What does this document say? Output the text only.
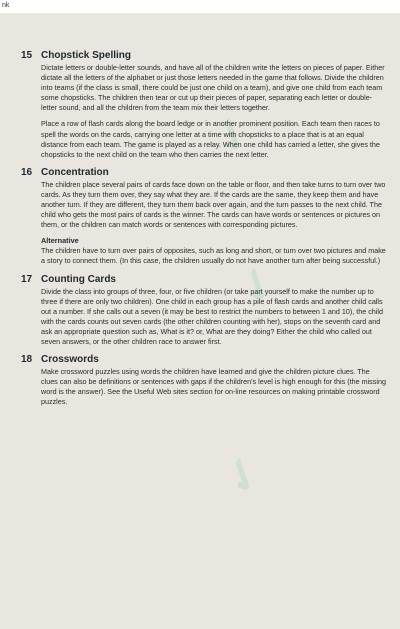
nk
✓
✓
✓
15 Chopstick Spelling

Dictate letters or double-letter sounds, and have all of the children write the letters on pieces of paper. Either dictate all the letters of the alphabet or just those letters needed in the game that follows. Divide the children into teams (if the class is small, there could be just one child on a team), and give one child from each team some chopsticks. The children then tear or cut up their pieces of paper, separating each letter or double-letter sound, and all the children from the team mix their letters together.

Place a row of flash cards along the board ledge or in another prominent position. Each team then races to spell the words on the cards, carrying one letter at a time with chopsticks to a place that is at an equal distance from each team. The game is played as a relay. When one child has carried a letter, she gives the chopsticks to the next child on the team who then carries the next letter.

16 Concentration

The children place several pairs of cards face down on the table or floor, and then take turns to turn over two cards. As they turn them over, they say what they are. If the cards are the same, they keep them and have another turn. If they are different, they turn them back over again, and the turn passes to the next child. The child who gets the most pairs of cards is the winner. The cards can have words or sentences or pictures on them, or the children can match words or sentences with corresponding pictures.

Alternative

The children have to turn over pairs of opposites, such as long and short, or turn over two pictures and make a story to connect them. (In this case, the children usually do not have another turn after being successful.)

17 Counting Cards

Divide the class into groups of three, four, or five children (or take part yourself to make the number up to three if there are only two children). One child in each group has a pile of flash cards and another child calls out a number. If she calls out a seven (it may be best to restrict the numbers to between 1 and 10), the child with the cards counts out seven cards (the other children counting with her), stops on the seventh card and ask an appropriate question such as, What is it? or, What are they doing? Either the child who called out seven answers, or the other children race to answer first.

18 Crosswords

Make crossword puzzles using words the children have learned and give the children picture clues. The clues can also be definitions or sentences with gaps if the children's level is high enough for this (the missing word is the answer). See the Useful Web sites section for on-line resources on making printable crossword puzzles.
